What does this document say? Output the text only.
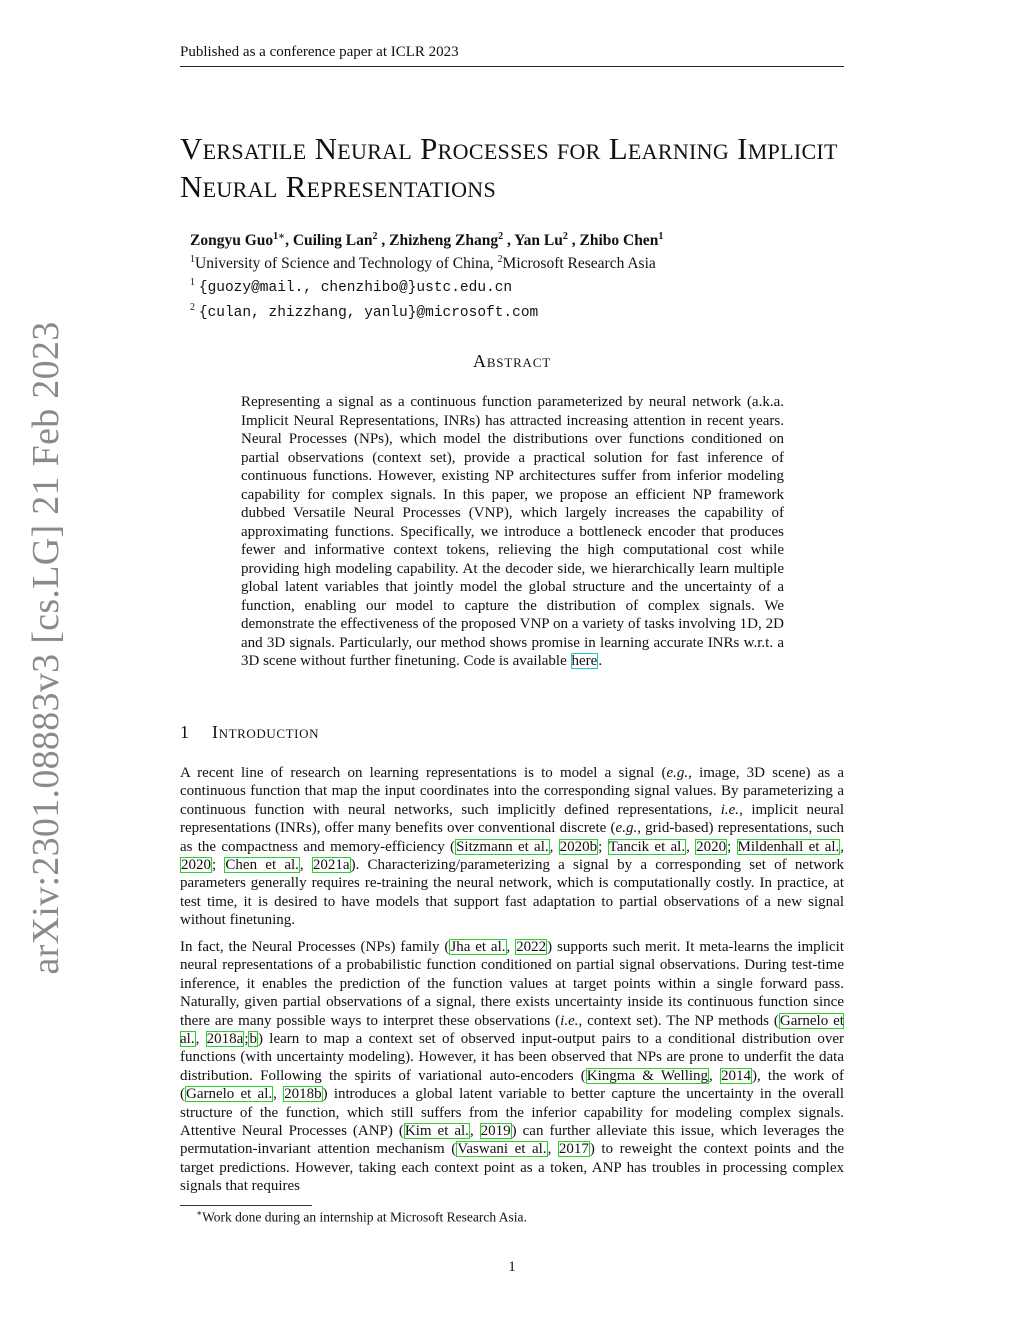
Published as a conference paper at ICLR 2023
arXiv:2301.08883v3 [cs.LG] 21 Feb 2023
Versatile Neural Processes for Learning Implicit Neural Representations
Zongyu Guo$^{1∗}$, Cuiling Lan$^2$ , Zhizheng Zhang$^2$ , Yan Lu$^2$ , Zhibo Chen$^1$
$^1$University of Science and Technology of China, $^2$Microsoft Research Asia
$^1$ {guozy@mail., chenzhibo@}ustc.edu.cn
$^2$ {culan, zhizzhang, yanlu}@microsoft.com
Abstract
Representing a signal as a continuous function parameterized by neural network (a.k.a. Implicit Neural Representations, INRs) has attracted increasing attention in recent years. Neural Processes (NPs), which model the distributions over functions conditioned on partial observations (context set), provide a practical solution for fast inference of continuous functions. However, existing NP architectures suffer from inferior modeling capability for complex signals. In this paper, we propose an efficient NP framework dubbed Versatile Neural Processes (VNP), which largely increases the capability of approximating functions. Specifically, we introduce a bottleneck encoder that produces fewer and informative context tokens, relieving the high computational cost while providing high modeling capability. At the decoder side, we hierarchically learn multiple global latent variables that jointly model the global structure and the uncertainty of a function, enabling our model to capture the distribution of complex signals. We demonstrate the effectiveness of the proposed VNP on a variety of tasks involving 1D, 2D and 3D signals. Particularly, our method shows promise in learning accurate INRs w.r.t. a 3D scene without further finetuning. Code is available here.
1 Introduction
A recent line of research on learning representations is to model a signal (e.g., image, 3D scene) as a continuous function that map the input coordinates into the corresponding signal values. By parameterizing a continuous function with neural networks, such implicitly defined representations, i.e., implicit neural representations (INRs), offer many benefits over conventional discrete (e.g., grid-based) representations, such as the compactness and memory-efficiency (Sitzmann et al., 2020b; Tancik et al., 2020; Mildenhall et al., 2020; Chen et al., 2021a). Characterizing/parameterizing a signal by a corresponding set of network parameters generally requires re-training the neural network, which is computationally costly. In practice, at test time, it is desired to have models that support fast adaptation to partial observations of a new signal without finetuning.
In fact, the Neural Processes (NPs) family (Jha et al., 2022) supports such merit. It meta-learns the implicit neural representations of a probabilistic function conditioned on partial signal observations. During test-time inference, it enables the prediction of the function values at target points within a single forward pass. Naturally, given partial observations of a signal, there exists uncertainty inside its continuous function since there are many possible ways to interpret these observations (i.e., context set). The NP methods (Garnelo et al., 2018a;b) learn to map a context set of observed input-output pairs to a conditional distribution over functions (with uncertainty modeling). However, it has been observed that NPs are prone to underfit the data distribution. Following the spirits of variational auto-encoders (Kingma & Welling, 2014), the work of (Garnelo et al., 2018b) introduces a global latent variable to better capture the uncertainty in the overall structure of the function, which still suffers from the inferior capability for modeling complex signals. Attentive Neural Processes (ANP) (Kim et al., 2019) can further alleviate this issue, which leverages the permutation-invariant attention mechanism (Vaswani et al., 2017) to reweight the context points and the target predictions. However, taking each context point as a token, ANP has troubles in processing complex signals that requires
∗Work done during an internship at Microsoft Research Asia.
1
